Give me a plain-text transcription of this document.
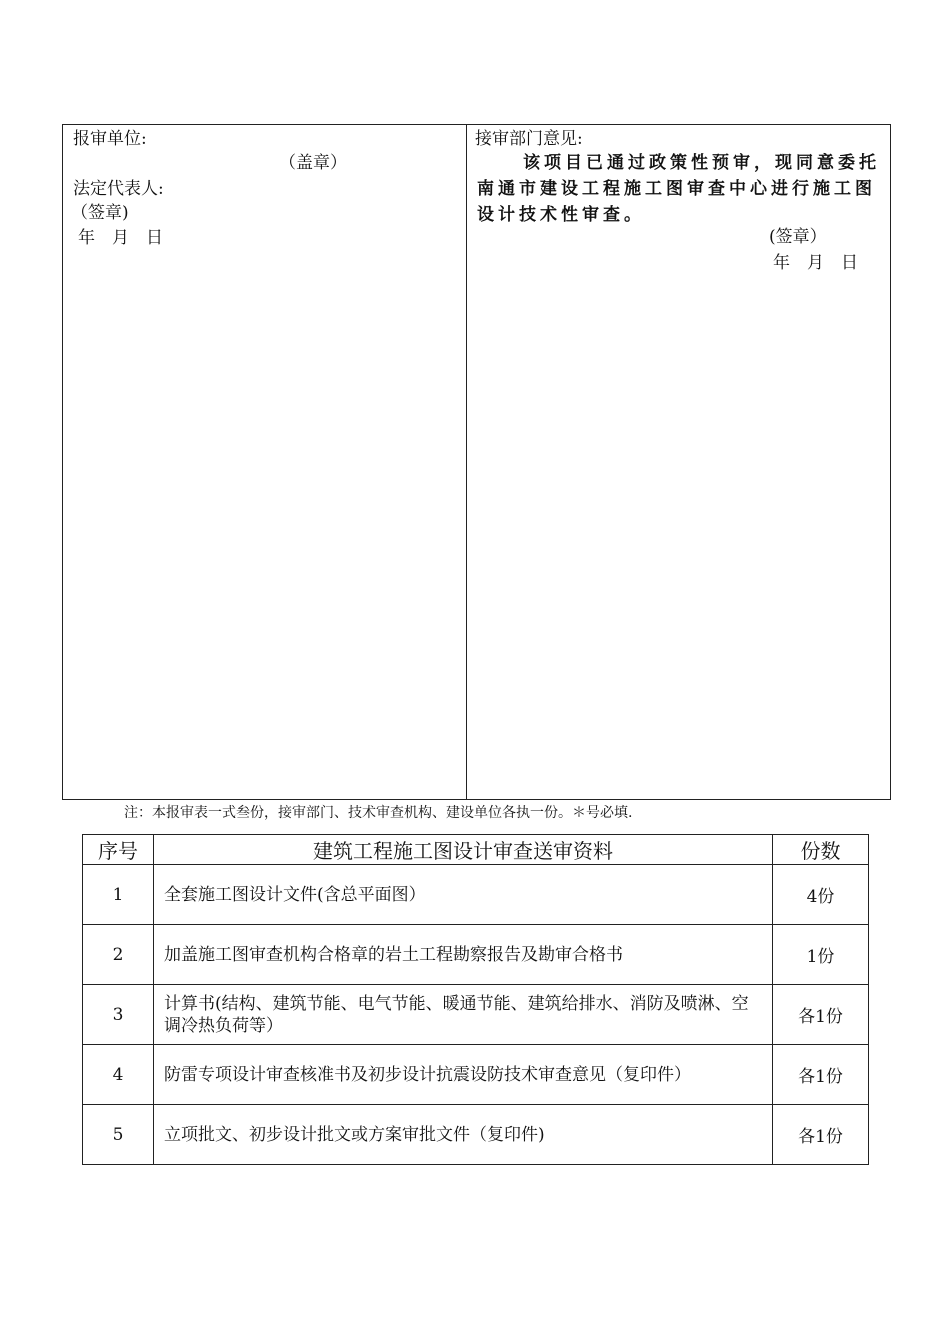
报审单位:
（盖章）
法定代表人:
（签章)
年　月　日
接审部门意见:
该项目已通过政策性预审，现同意委托南通市建设工程施工图审查中心进行施工图设计技术性审查。
(签章）
年　月　日
注：本报审表一式叁份，接审部门、技术审查机构、建设单位各执一份。＊号必填.
序号	建筑工程施工图设计审查送审资料	份数
1	全套施工图设计文件(含总平面图）	4份
2	加盖施工图审查机构合格章的岩土工程勘察报告及勘审合格书	1份
3	计算书(结构、建筑节能、电气节能、暖通节能、建筑给排水、消防及喷淋、空调冷热负荷等）	各1份
4	防雷专项设计审查核准书及初步设计抗震设防技术审查意见（复印件）	各1份
5	立项批文、初步设计批文或方案审批文件（复印件)	各1份
